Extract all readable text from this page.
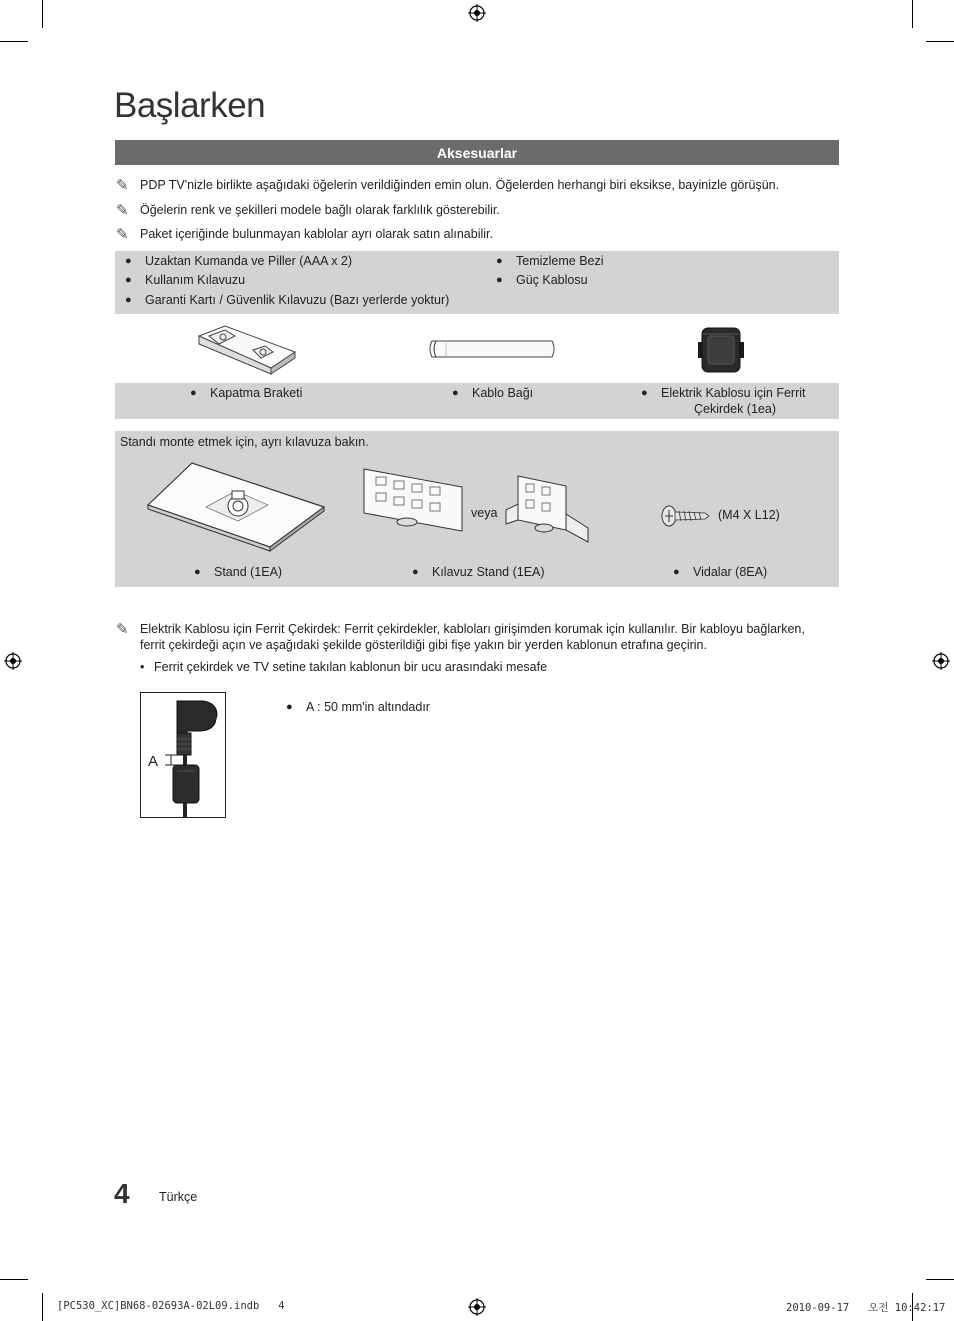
Başlarken
Aksesuarlar
✎ PDP TV'nizle birlikte aşağıdaki öğelerin verildiğinden emin olun. Öğelerden herhangi biri eksikse, bayinizle görüşün.
✎ Öğelerin renk ve şekilleri modele bağlı olarak farklılık gösterebilir.
✎ Paket içeriğinde bulunmayan kablolar ayrı olarak satın alınabilir.
●	Uzaktan Kumanda ve Piller (AAA x 2)
●	Kullanım Kılavuzu
●	Garanti Kartı / Güvenlik Kılavuzu (Bazı yerlerde yoktur)
●	Temizleme Bezi
●	Güç Kablosu
●	Kapatma Braketi	●	Kablo Bağı	●	Elektrik Kablosu için Ferrit
Çekirdek (1ea)
Standı monte etmek için, ayrı kılavuza bakın.
veya	(M4 X L12)
●	Stand (1EA)	●	Kılavuz Stand (1EA)	●	Vidalar (8EA)
✎ Elektrik Kablosu için Ferrit Çekirdek: Ferrit çekirdekler, kabloları girişimden korumak için kullanılır. Bir kabloyu bağlarken,
ferrit çekirdeği açın ve aşağıdaki şekilde gösterildiği gibi fişe yakın bir yerden kablonun etrafına geçirin.
• Ferrit çekirdek ve TV setine takılan kablonun bir ucu arasındaki mesafe
A
●	A : 50 mm'in altındadır
4 Türkçe
[PC530_XC]BN68-02693A-02L09.indb   4	2010-09-17   오전 10:42:17
